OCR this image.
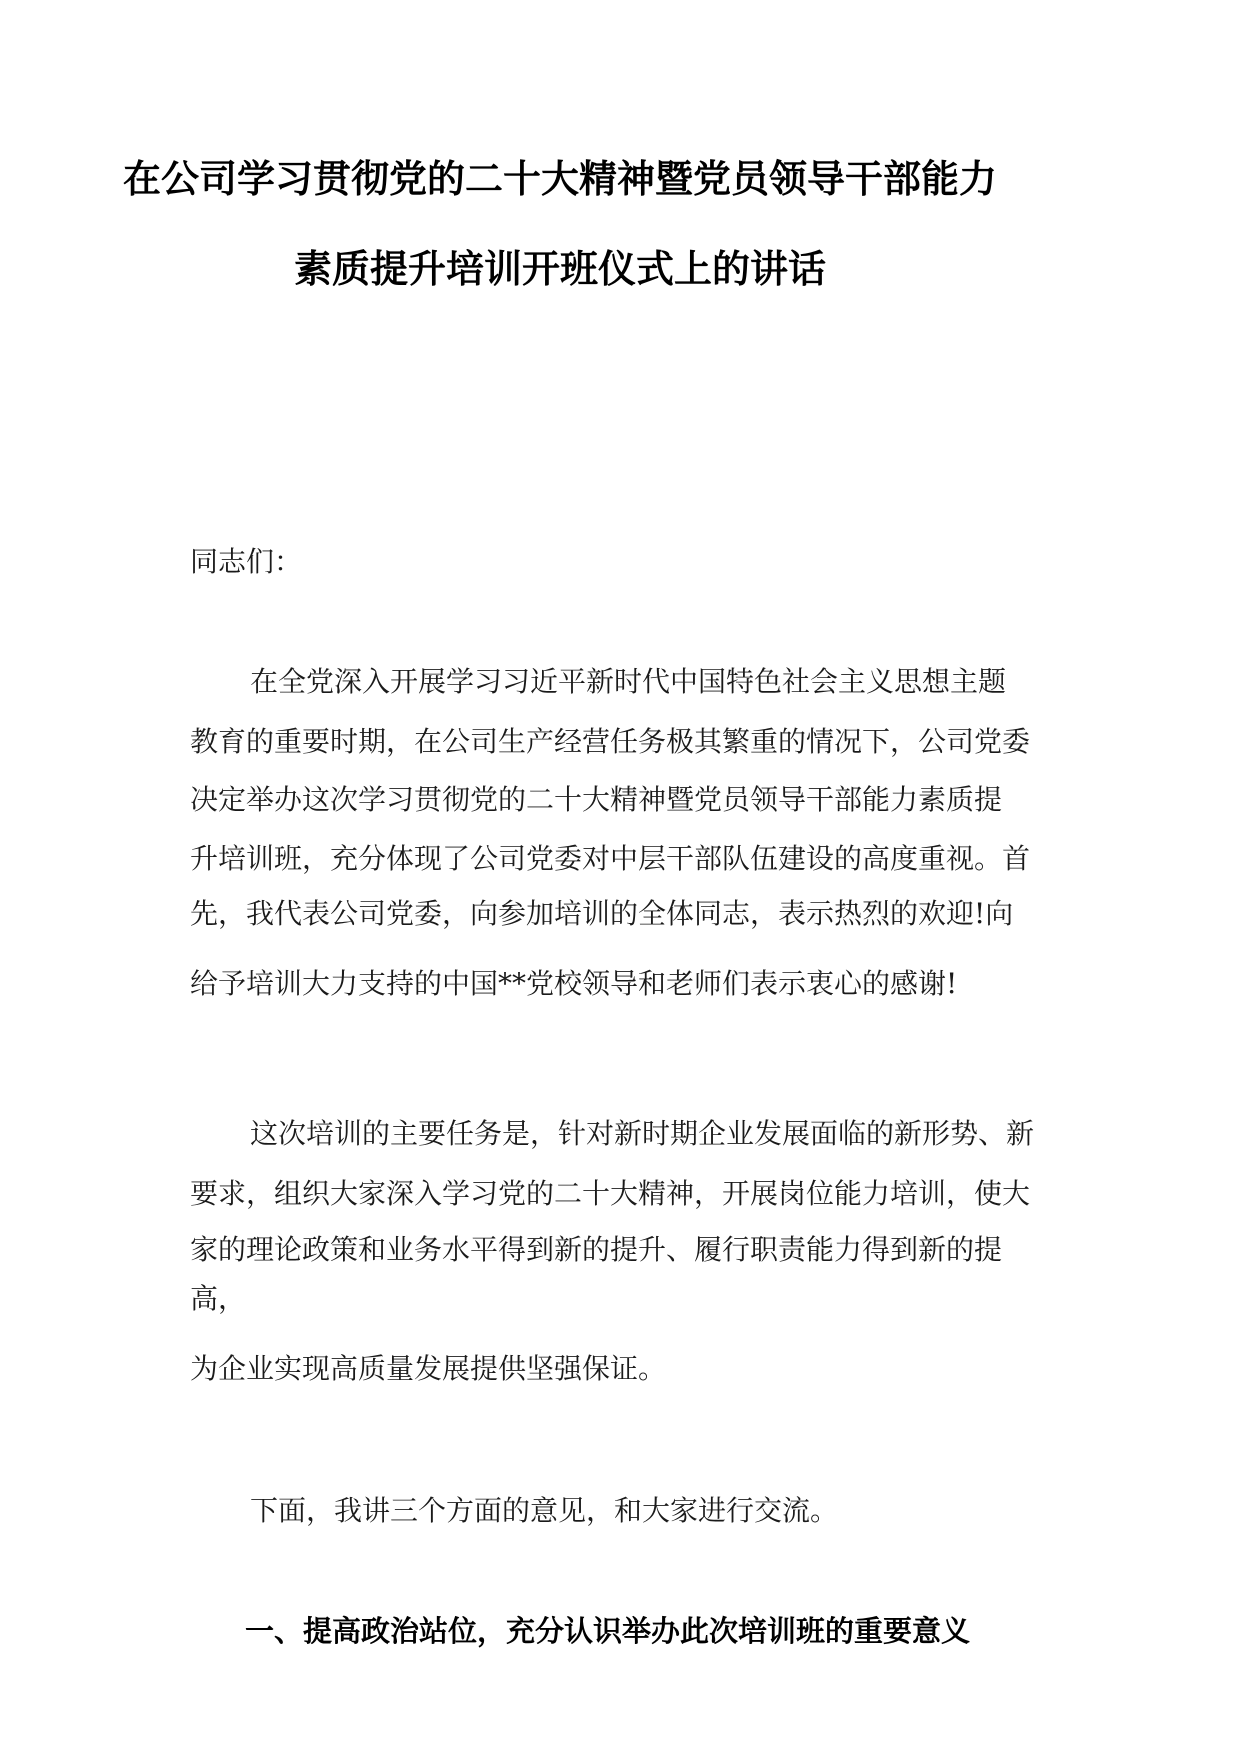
在公司学习贯彻党的二十大精神暨党员领导干部能力
素质提升培训开班仪式上的讲话
同志们：
在全党深入开展学习习近平新时代中国特色社会主义思想主题
教育的重要时期，在公司生产经营任务极其繁重的情况下，公司党委
决定举办这次学习贯彻党的二十大精神暨党员领导干部能力素质提
升培训班，充分体现了公司党委对中层干部队伍建设的高度重视。首
先，我代表公司党委，向参加培训的全体同志，表示热烈的欢迎!向
给予培训大力支持的中国**党校领导和老师们表示衷心的感谢!
这次培训的主要任务是，针对新时期企业发展面临的新形势、新
要求，组织大家深入学习党的二十大精神，开展岗位能力培训，使大
家的理论政策和业务水平得到新的提升、履行职责能力得到新的提
高，
为企业实现高质量发展提供坚强保证。
下面，我讲三个方面的意见，和大家进行交流。
一、提高政治站位，充分认识举办此次培训班的重要意义
